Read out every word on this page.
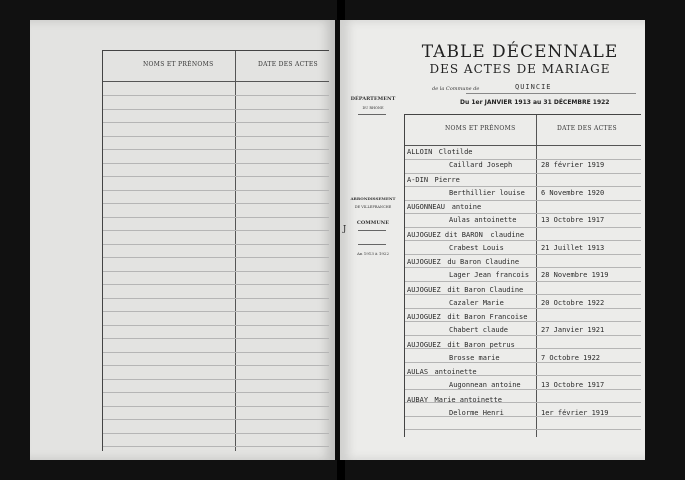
NOMS ET PRÉNOMS	DATE DES ACTES
TABLE DÉCENNALE
DES ACTES DE MARIAGE
de la Commune de	QUINCIE
Du 1er JANVIER 1913 au 31 DÉCEMBRE 1922
DÉPARTEMENT
DU RHONE
ARRONDISSEMENT
DE VILLEFRANCHE
COMMUNE
An 1913 à 1922
J
NOMS ET PRÉNOMS	DATE DES ACTES
ALLOIN Clotilde
Caillard Joseph	28 février 1919
A-DIN Pierre
Berthillier louise 6 Novembre 1920
AUGONNEAU antoine
Aulas antoinette	13 Octobre 1917
AUJOGUEZ dit BARON claudine
Crabest Louis	21 Juillet 1913
AUJOGUEZ du Baron Claudine
Lager Jean francois 28 Novembre 1919
AUJOGUEZ dit Baron Claudine
Cazaler Marie	20 Octobre 1922
AUJOGUEZ dit Baron Francoise
Chabert claude	27 Janvier 1921
AUJOGUEZ dit Baron petrus
Brosse marie	7 Octobre 1922
AULAS antoinette
Augonnean antoine	13 Octobre 1917
AUBAY Marie antoinette
Delorme Henri	1er février 1919
